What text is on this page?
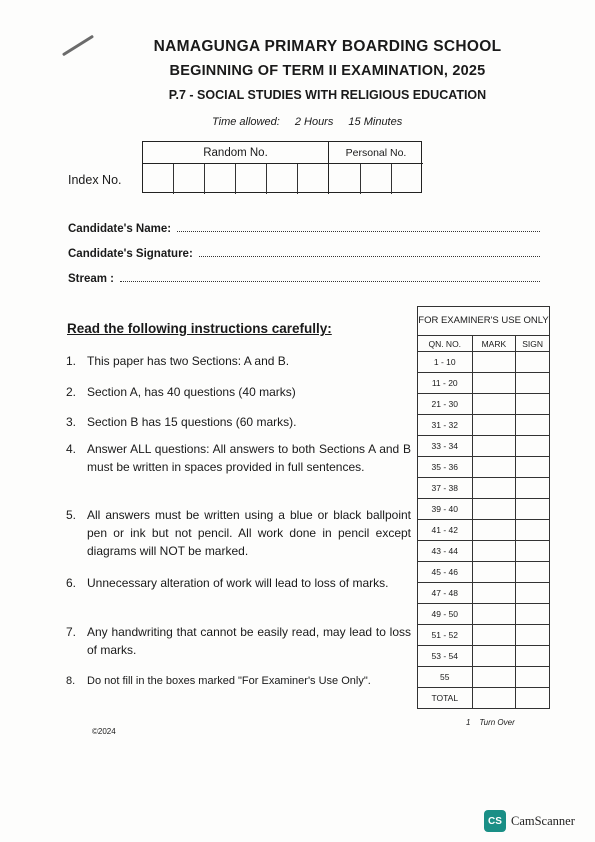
NAMAGUNGA PRIMARY BOARDING SCHOOL
BEGINNING OF TERM II EXAMINATION, 2025
P.7 - SOCIAL STUDIES WITH RELIGIOUS EDUCATION
Time allowed: 2 Hours 15 Minutes
Index No.
Random No.	Personal No.
Candidate's Name:
Candidate's Signature:
Stream :
Read the following instructions carefully:
1. This paper has two Sections: A and B.
2. Section A, has 40 questions (40 marks)
3. Section B has 15 questions (60 marks).
4. Answer ALL questions: All answers to both Sections A and B must be written in spaces provided in full sentences.
5. All answers must be written using a blue or black ballpoint pen or ink but not pencil. All work done in pencil except diagrams will NOT be marked.
6. Unnecessary alteration of work will lead to loss of marks.
7. Any handwriting that cannot be easily read, may lead to loss of marks.
8.	Do not fill in the boxes marked "For Examiner's Use Only".
©2024
FOR EXAMINER'S USE ONLY		
QN. NO.	MARK	SIGN
1 - 10		
11 - 20		
21 - 30		
31 - 32		
33 - 34		
35 - 36		
37 - 38		
39 - 40		
41 - 42		
43 - 44		
45 - 46		
47 - 48		
49 - 50		
51 - 52		
53 - 54		
55		
TOTAL		
1 Turn Over
CS CamScanner
